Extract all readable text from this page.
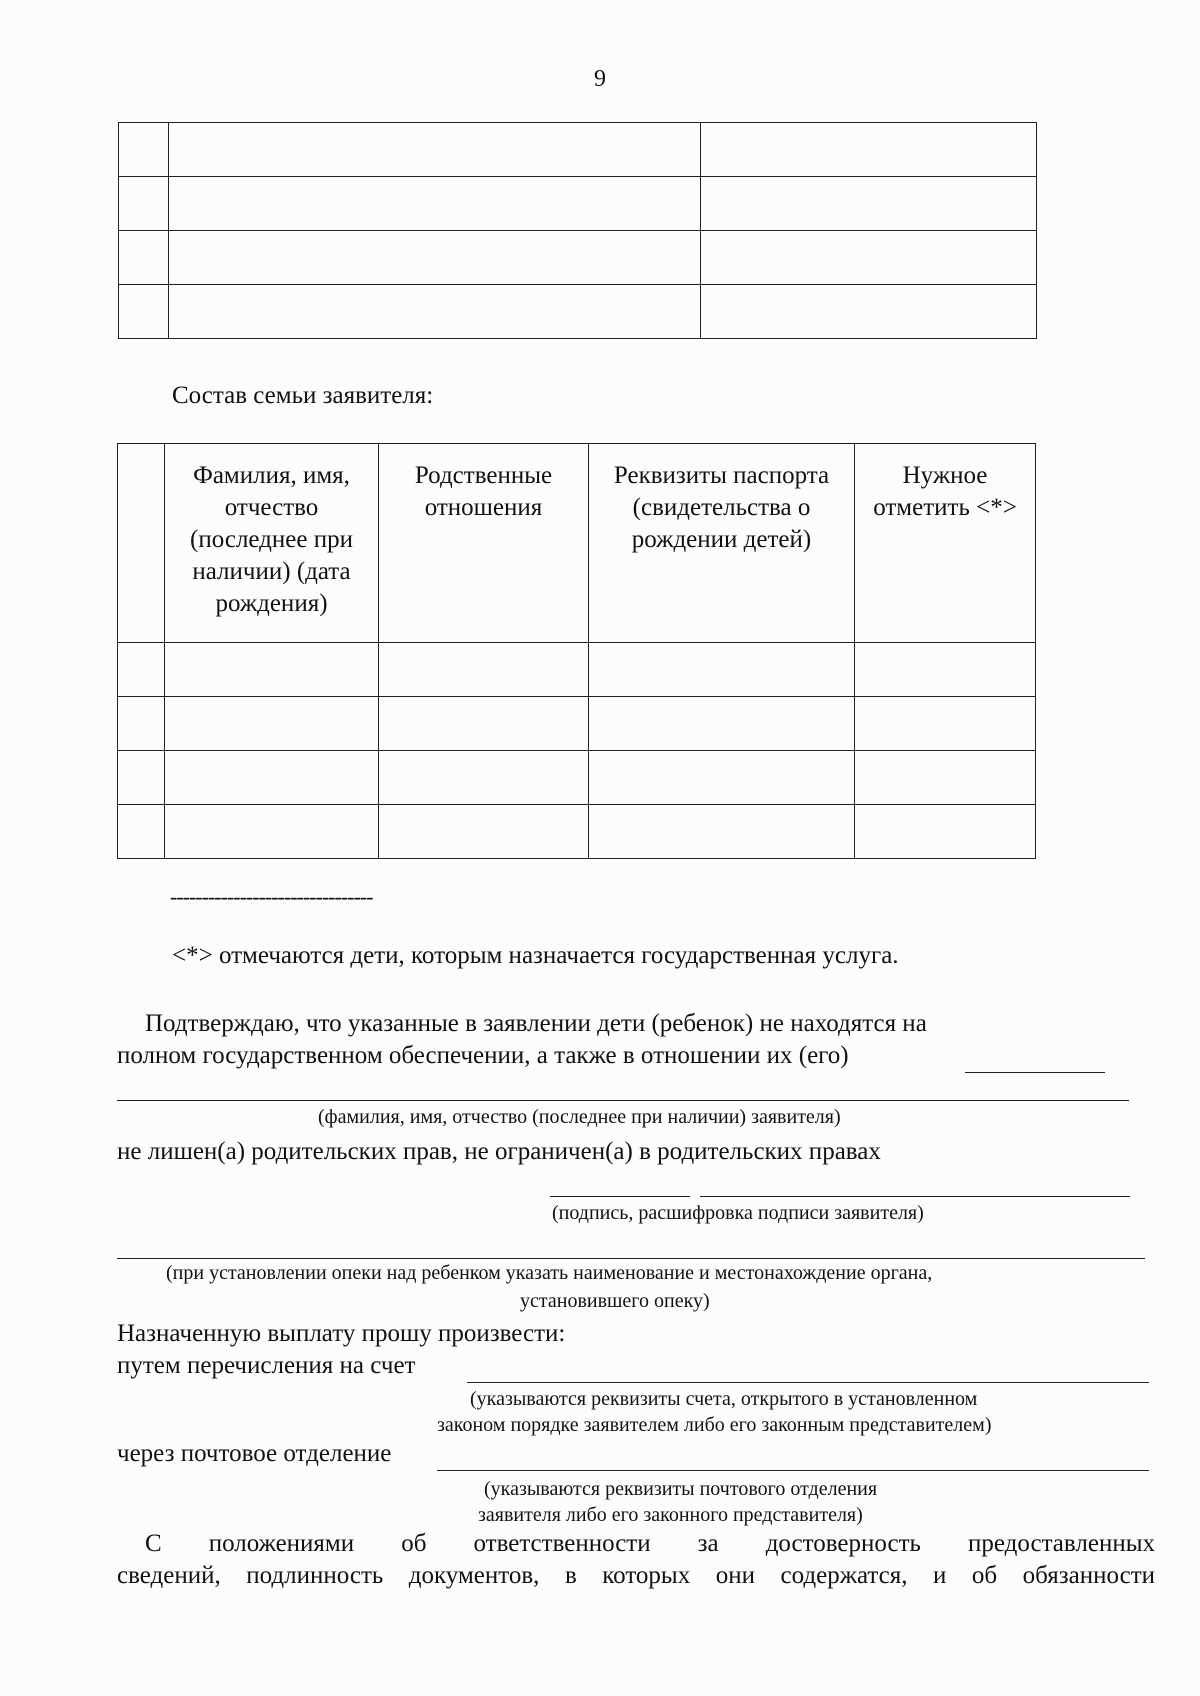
9

Состав семьи заявителя:
	Фамилия, имя, отчество (последнее при наличии) (дата рождения)	Родственные отношения	Реквизиты паспорта (свидетельства о рождении детей)	Нужное отметить <*>

--------------------------------
<*> отмечаются дети, которым назначается государственная услуга.
Подтверждаю, что указанные в заявлении дети (ребенок) не находятся на
полном государственном обеспечении, а также в отношении их (его)
(фамилия, имя, отчество (последнее при наличии) заявителя)
не лишен(а) родительских прав, не ограничен(а) в родительских правах
(подпись, расшифровка подписи заявителя)
(при установлении опеки над ребенком указать наименование и местонахождение органа,
установившего опеку)
Назначенную выплату прошу произвести:
путем перечисления на счет
(указываются реквизиты счета, открытого в установленном
законом порядке заявителем либо его законным представителем)
через почтовое отделение
(указываются реквизиты почтового отделения
заявителя либо его законного представителя)
С положениями об ответственности за достоверность предоставленных
сведений, подлинность документов, в которых они содержатся, и об обязанности
